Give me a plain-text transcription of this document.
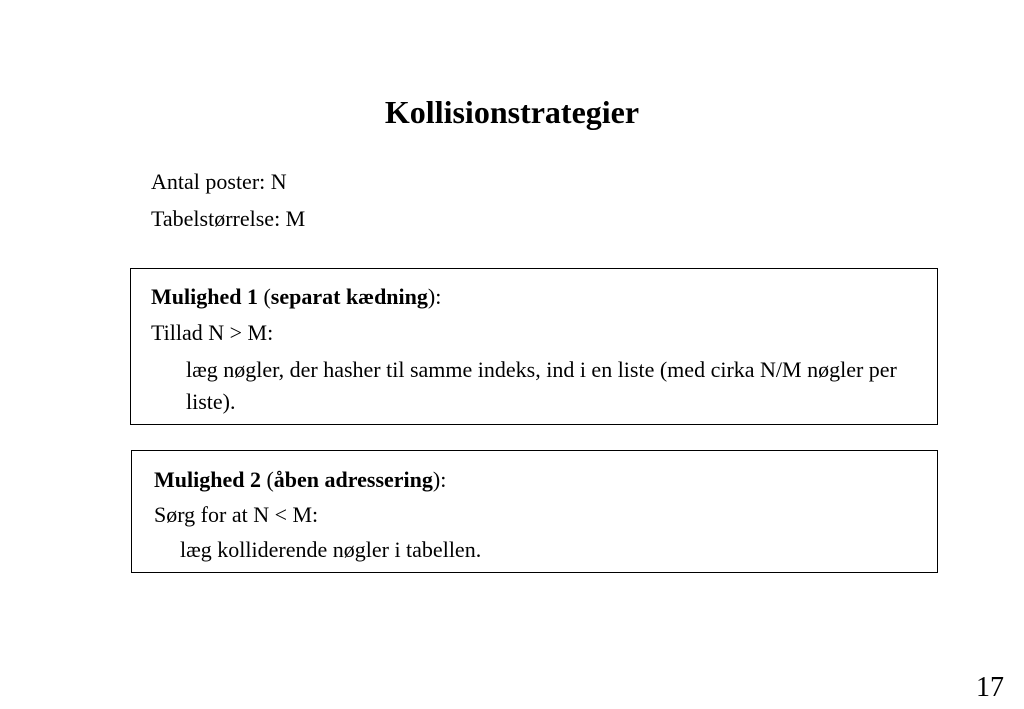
Kollisionstrategier
Antal poster: N
Tabelstørrelse: M
Mulighed 1 (separat kædning):
Tillad N > M:
læg nøgler, der hasher til samme indeks, ind i en liste (med cirka N/M nøgler per liste).
Mulighed 2 (åben adressering):
Sørg for at N < M:
læg kolliderende nøgler i tabellen.
17
